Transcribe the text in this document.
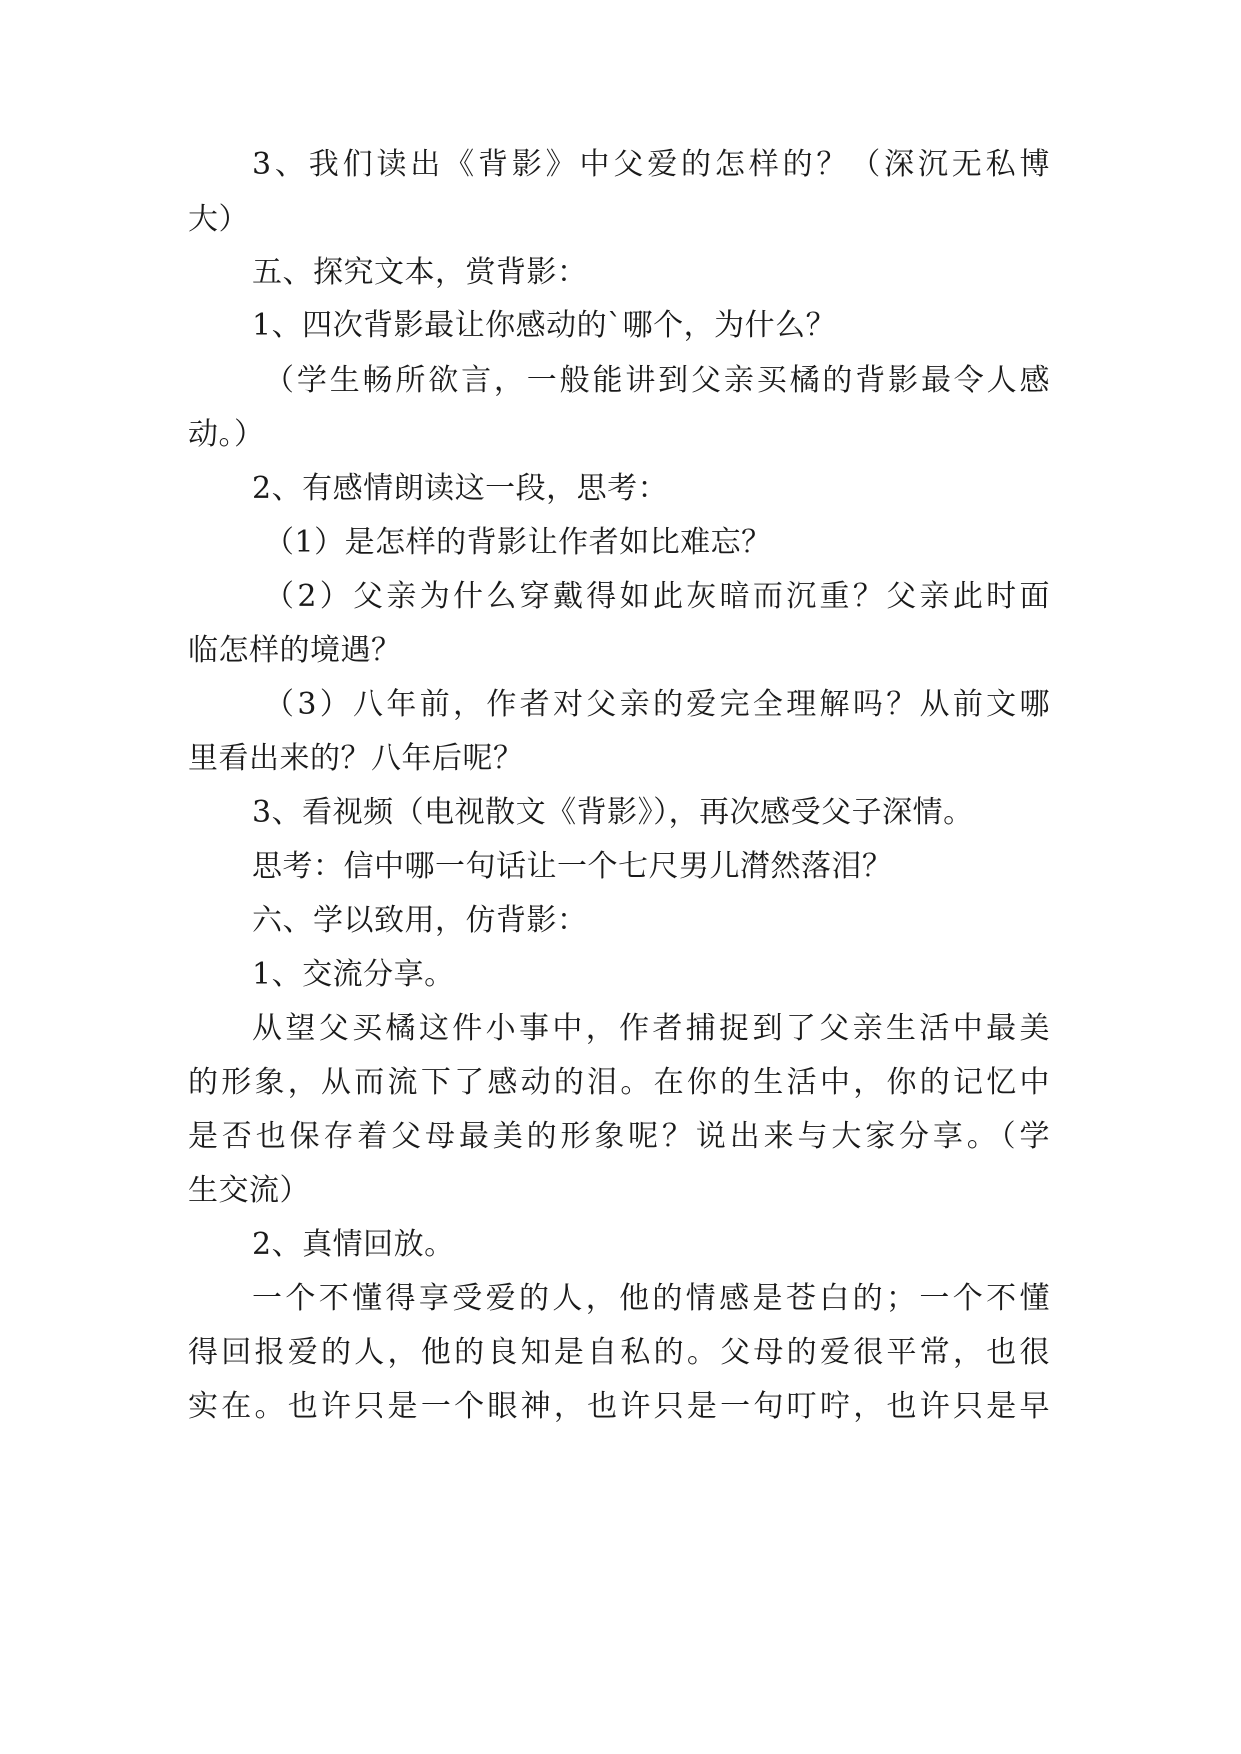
3、我们读出《背影》中父爱的怎样的？（深沉无私博
大）
五、探究文本，赏背影：
1、四次背影最让你感动的`哪个，为什么？
（学生畅所欲言，一般能讲到父亲买橘的背影最令人感
动。）
2、有感情朗读这一段，思考：
（1）是怎样的背影让作者如比难忘？
（2）父亲为什么穿戴得如此灰暗而沉重？父亲此时面
临怎样的境遇？
（3）八年前，作者对父亲的爱完全理解吗？从前文哪
里看出来的？八年后呢？
3、看视频（电视散文《背影》），再次感受父子深情。
思考：信中哪一句话让一个七尺男儿潸然落泪？
六、学以致用，仿背影：
1、交流分享。
从望父买橘这件小事中，作者捕捉到了父亲生活中最美
的形象，从而流下了感动的泪。在你的生活中，你的记忆中
是否也保存着父母最美的形象呢？说出来与大家分享。（学
生交流）
2、真情回放。
一个不懂得享受爱的人，他的情感是苍白的；一个不懂
得回报爱的人，他的良知是自私的。父母的爱很平常，也很
实在。也许只是一个眼神，也许只是一句叮咛，也许只是早
